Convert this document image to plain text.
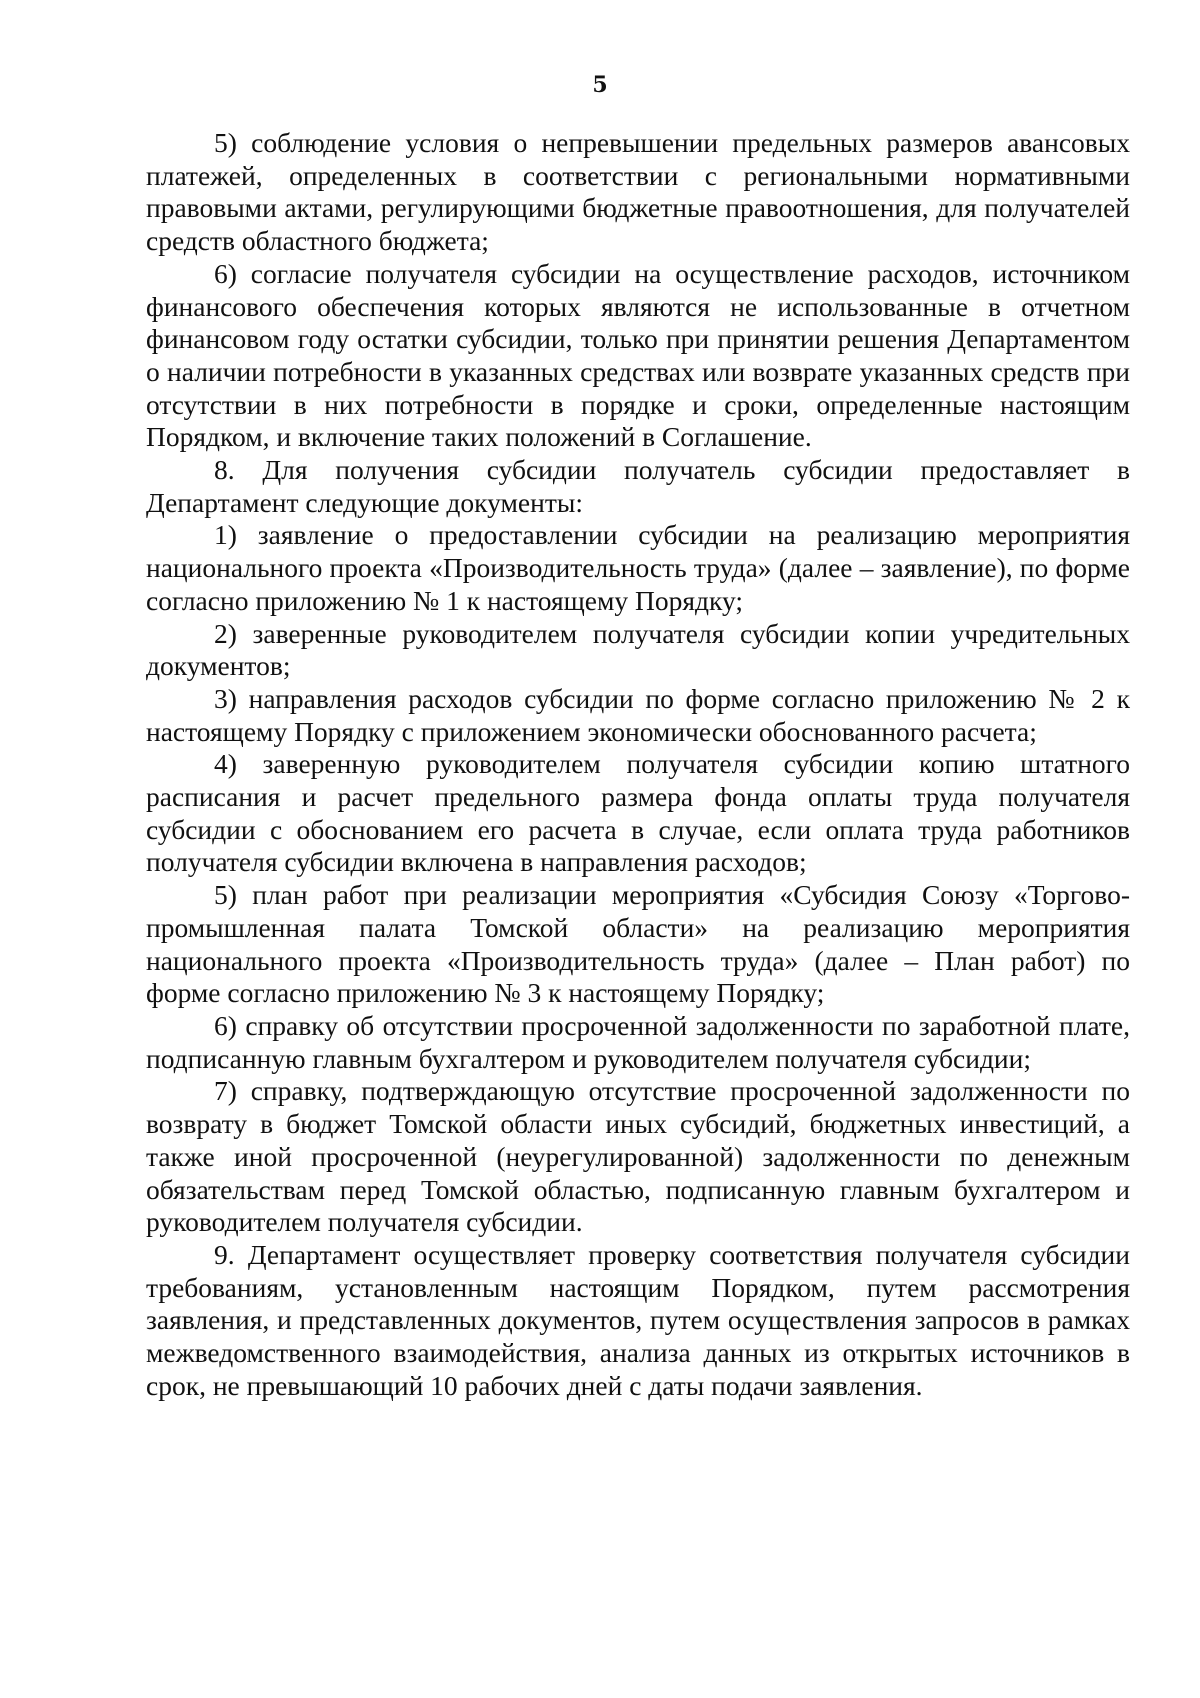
5

5) соблюдение условия о непревышении предельных размеров авансовых платежей, определенных в соответствии с региональными нормативными правовыми актами, регулирующими бюджетные правоотношения, для получателей средств областного бюджета;

6) согласие получателя субсидии на осуществление расходов, источником финансового обеспечения которых являются не использованные в отчетном финансовом году остатки субсидии, только при принятии решения Департаментом о наличии потребности в указанных средствах или возврате указанных средств при отсутствии в них потребности в порядке и сроки, определенные настоящим Порядком, и включение таких положений в Соглашение.

8. Для получения субсидии получатель субсидии предоставляет в Департамент следующие документы:

1) заявление о предоставлении субсидии на реализацию мероприятия национального проекта «Производительность труда» (далее – заявление), по форме согласно приложению № 1 к настоящему Порядку;

2) заверенные руководителем получателя субсидии копии учредительных документов;

3) направления расходов субсидии по форме согласно приложению № 2 к настоящему Порядку с приложением экономически обоснованного расчета;

4) заверенную руководителем получателя субсидии копию штатного расписания и расчет предельного размера фонда оплаты труда получателя субсидии с обоснованием его расчета в случае, если оплата труда работников получателя субсидии включена в направления расходов;

5) план работ при реализации мероприятия «Субсидия Союзу «Торгово-промышленная палата Томской области» на реализацию мероприятия национального проекта «Производительность труда» (далее – План работ) по форме согласно приложению № 3 к настоящему Порядку;

6) справку об отсутствии просроченной задолженности по заработной плате, подписанную главным бухгалтером и руководителем получателя субсидии;

7) справку, подтверждающую отсутствие просроченной задолженности по возврату в бюджет Томской области иных субсидий, бюджетных инвестиций, а также иной просроченной (неурегулированной) задолженности по денежным обязательствам перед Томской областью, подписанную главным бухгалтером и руководителем получателя субсидии.

9. Департамент осуществляет проверку соответствия получателя субсидии требованиям, установленным настоящим Порядком, путем рассмотрения заявления, и представленных документов, путем осуществления запросов в рамках межведомственного взаимодействия, анализа данных из открытых источников в срок, не превышающий 10 рабочих дней с даты подачи заявления.
